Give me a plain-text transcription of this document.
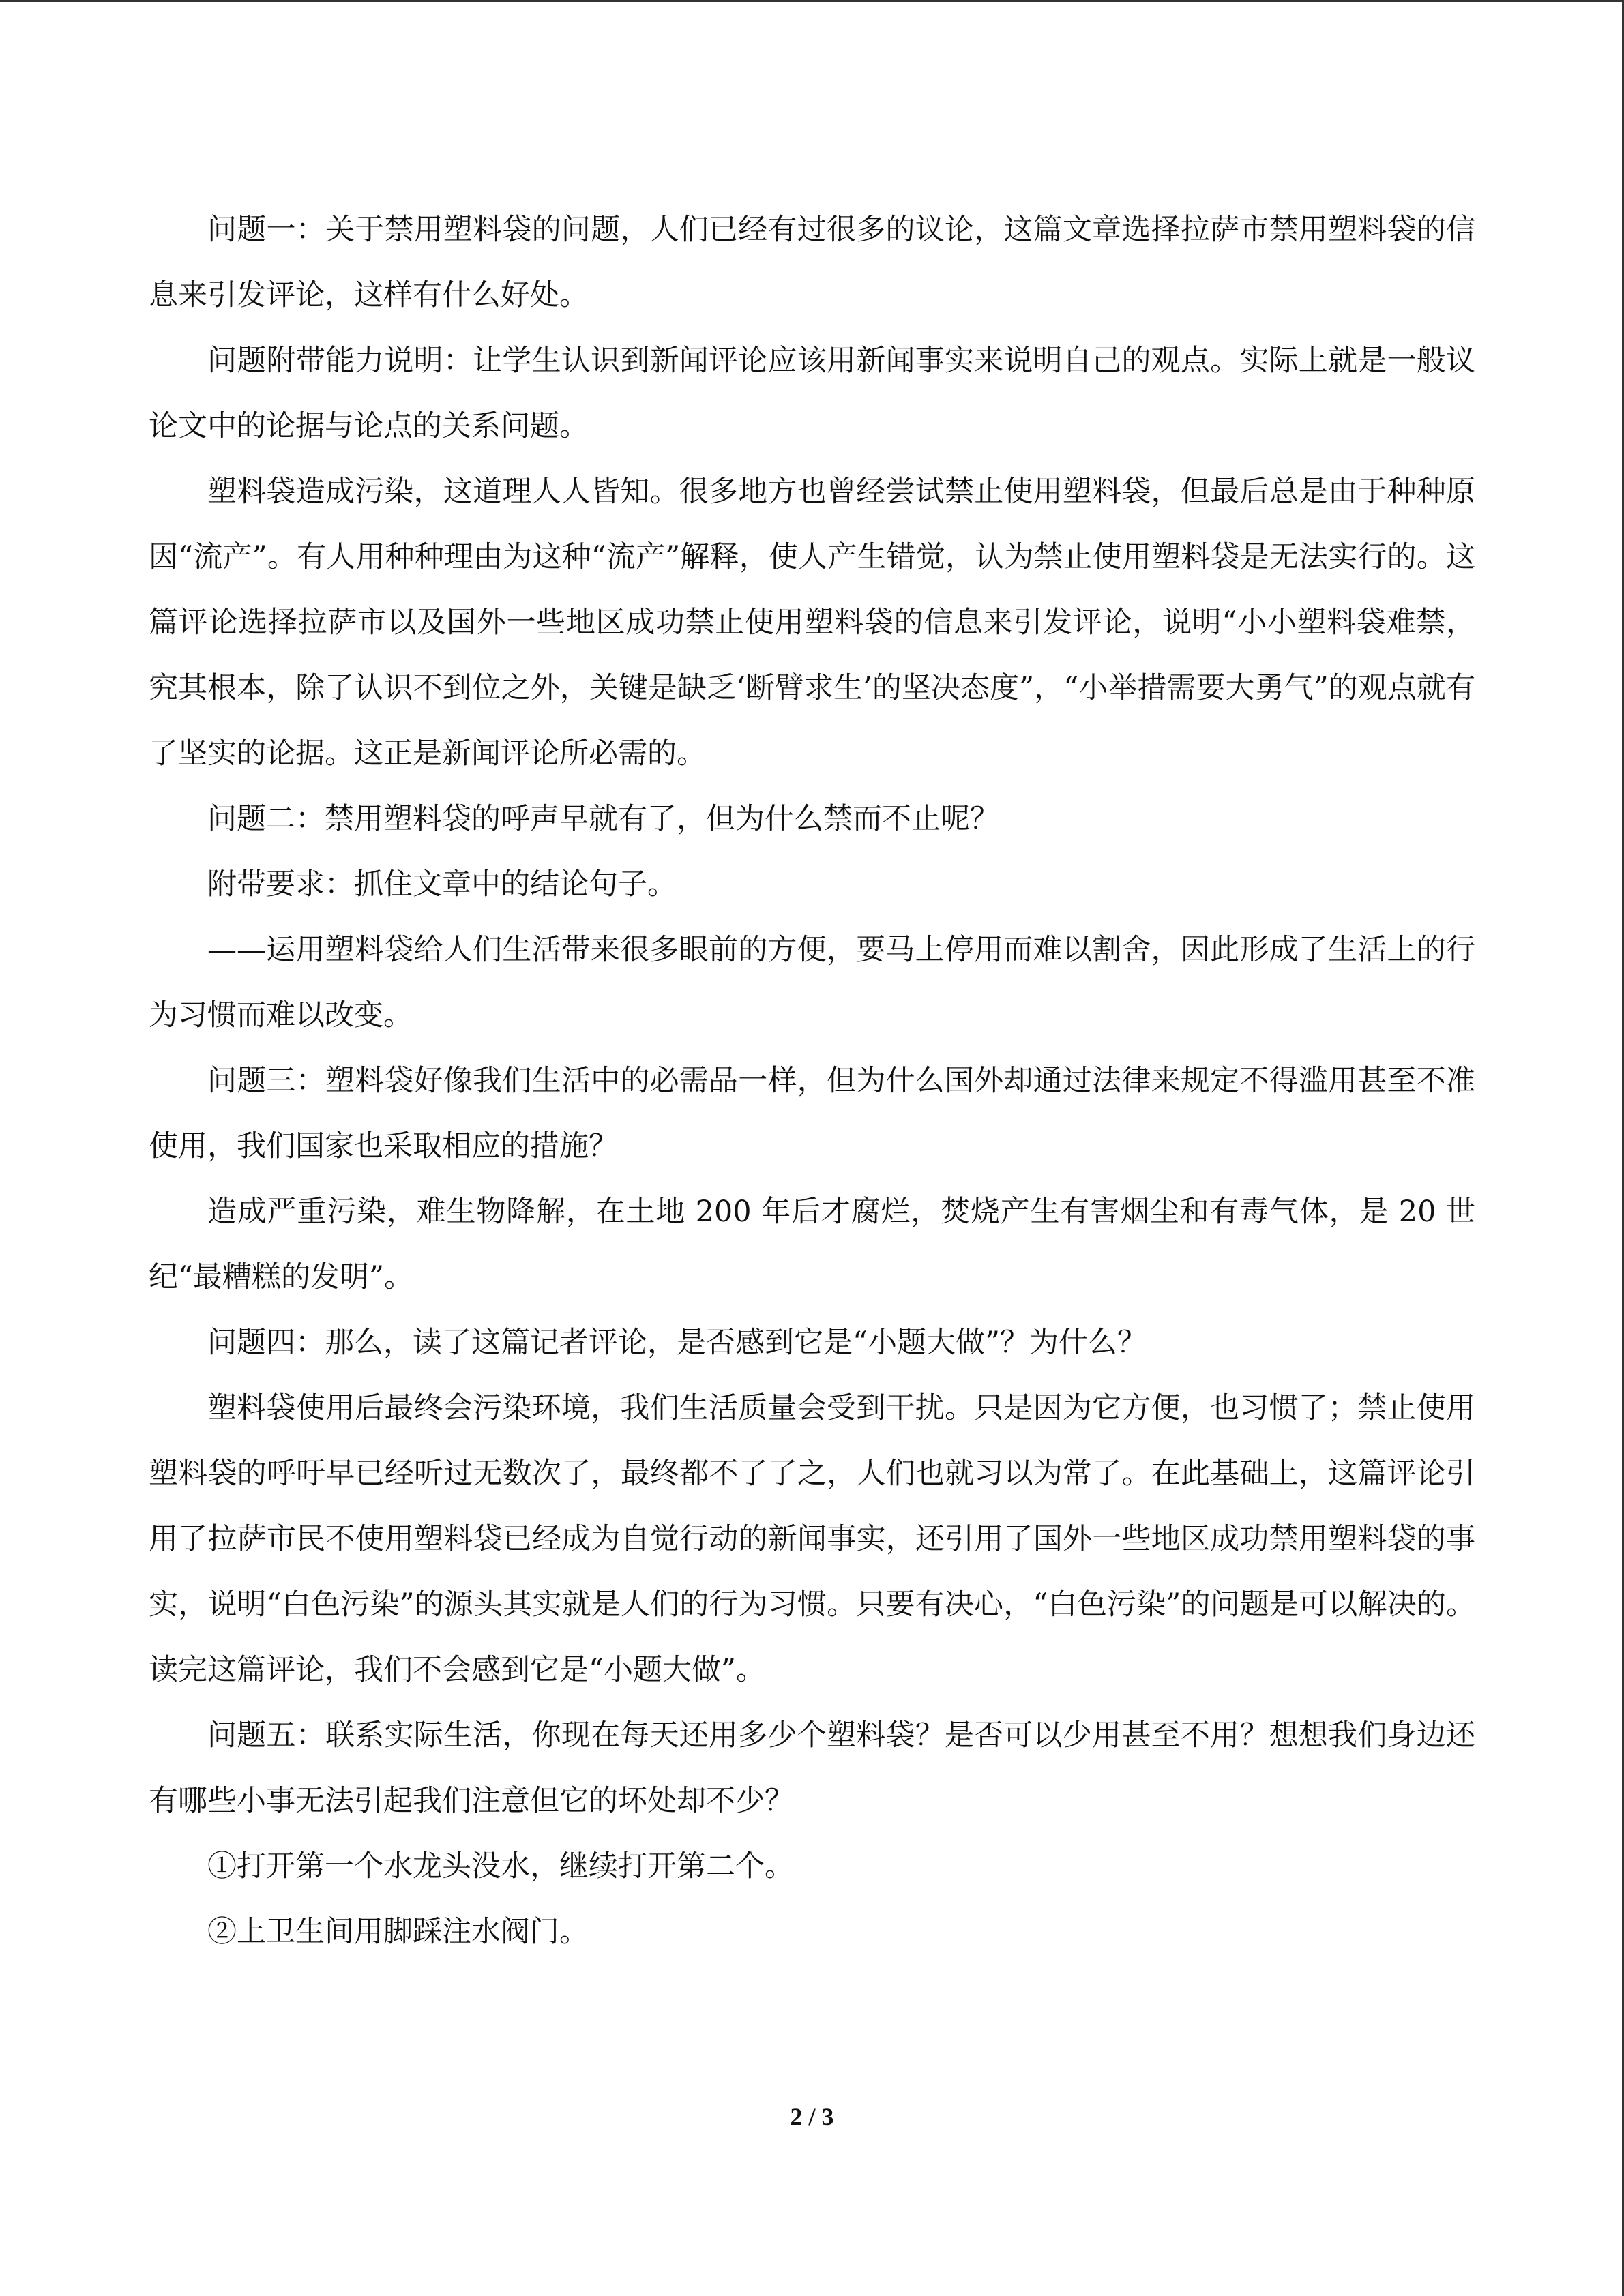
问题一：关于禁用塑料袋的问题，人们已经有过很多的议论，这篇文章选择拉萨市禁用塑料袋的信息来引发评论，这样有什么好处。

问题附带能力说明：让学生认识到新闻评论应该用新闻事实来说明自己的观点。实际上就是一般议论文中的论据与论点的关系问题。

塑料袋造成污染，这道理人人皆知。很多地方也曾经尝试禁止使用塑料袋，但最后总是由于种种原因“流产”。有人用种种理由为这种“流产”解释，使人产生错觉，认为禁止使用塑料袋是无法实行的。这篇评论选择拉萨市以及国外一些地区成功禁止使用塑料袋的信息来引发评论，说明“小小塑料袋难禁，究其根本，除了认识不到位之外，关键是缺乏‘断臂求生’的坚决态度”，“小举措需要大勇气”的观点就有了坚实的论据。这正是新闻评论所必需的。

问题二：禁用塑料袋的呼声早就有了，但为什么禁而不止呢？

附带要求：抓住文章中的结论句子。

——运用塑料袋给人们生活带来很多眼前的方便，要马上停用而难以割舍，因此形成了生活上的行为习惯而难以改变。

问题三：塑料袋好像我们生活中的必需品一样，但为什么国外却通过法律来规定不得滥用甚至不准使用，我们国家也采取相应的措施？

造成严重污染，难生物降解，在土地 200 年后才腐烂，焚烧产生有害烟尘和有毒气体，是 20 世纪“最糟糕的发明”。

问题四：那么，读了这篇记者评论，是否感到它是“小题大做”？为什么？

塑料袋使用后最终会污染环境，我们生活质量会受到干扰。只是因为它方便，也习惯了；禁止使用塑料袋的呼吁早已经听过无数次了，最终都不了了之，人们也就习以为常了。在此基础上，这篇评论引用了拉萨市民不使用塑料袋已经成为自觉行动的新闻事实，还引用了国外一些地区成功禁用塑料袋的事实，说明“白色污染”的源头其实就是人们的行为习惯。只要有决心，“白色污染”的问题是可以解决的。读完这篇评论，我们不会感到它是“小题大做”。

问题五：联系实际生活，你现在每天还用多少个塑料袋？是否可以少用甚至不用？想想我们身边还有哪些小事无法引起我们注意但它的坏处却不少？

①打开第一个水龙头没水，继续打开第二个。

②上卫生间用脚踩注水阀门。

2 / 3
